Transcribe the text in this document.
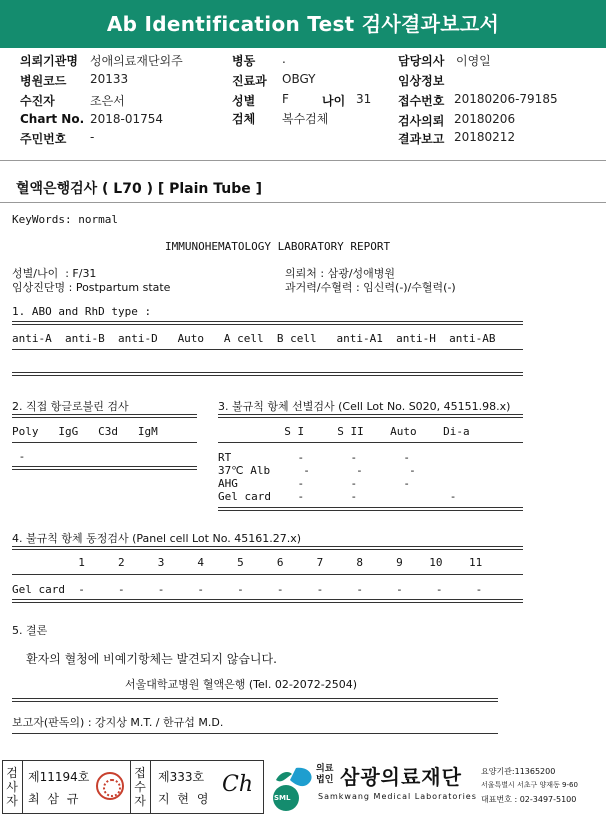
Ab Identification Test 검사결과보고서
의뢰기관명 성애의료재단외주
병원코드 20133
수진자	조은서
Chart No. 2018-01754
주민번호 -
병동 .
진료과 OBGY
성별 F	나이 31
검체 복수검체
담당의사 이영일
임상정보
접수번호 20180206-79185
검사의뢰 20180206
결과보고 20180212
혈액은행검사 ( L70 ) [ Plain Tube ]
KeyWords: normal
IMMUNOHEMATOLOGY LABORATORY REPORT
성별/나이  : F/31
임상진단명 : Postpartum state
의뢰처 : 삼광/성애병원
과거력/수혈력 : 임신력(-)/수혈력(-)
1. ABO and RhD type :
anti-A  anti-B  anti-D   Auto   A cell  B cell   anti-A1  anti-H  anti-AB
2. 직접 항글로불린 검사
Poly   IgG   C3d   IgM
-
3. 불규칙 항체 선별검사 (Cell Lot No. S020, 45151.98.x)
S I     S II    Auto    Di-a
RT          -       -       -
37℃ Alb     -       -       -
AHG         -       -       -
Gel card    -       -              -
4. 불규칙 항체 동정검사 (Panel cell Lot No. 45161.27.x)
1     2     3     4     5     6     7     8     9    10    11
Gel card  -     -     -     -     -     -     -     -     -     -     -
5. 결론
환자의 혈청에 비예기항체는 발견되지 않습니다.
서울대학교병원 혈액은행 (Tel. 02-2072-2504)
보고자(판독의) : 강지상 M.T. / 한규섭 M.D.
검사자
제11194호
최 삼 규
접수자
제333호
지 현 영
Ch
SML
의료법인 삼광의료재단
Samkwang Medical Laboratories
요양기관:11365200
서울특별시 서초구 양재동 9-60
대표번호 : 02-3497-5100
